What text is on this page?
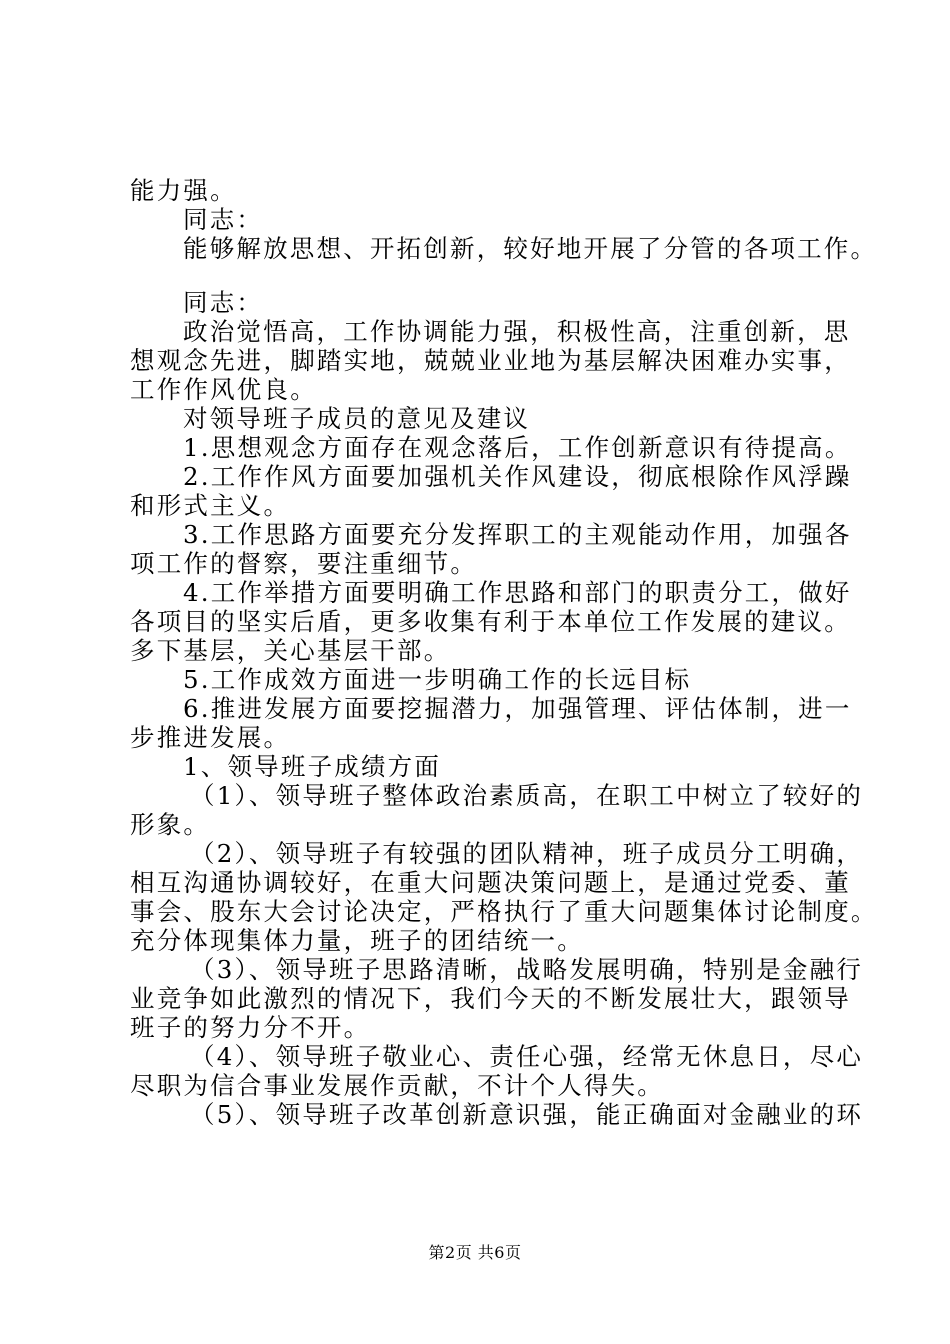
能力强。

同志：

能够解放思想、开拓创新，较好地开展了分管的各项工作。

同志：

政治觉悟高，工作协调能力强，积极性高，注重创新，思

想观念先进，脚踏实地，兢兢业业地为基层解决困难办实事，

工作作风优良。

对领导班子成员的意见及建议

1.思想观念方面存在观念落后，工作创新意识有待提高。

2.工作作风方面要加强机关作风建设，彻底根除作风浮躁

和形式主义。

3.工作思路方面要充分发挥职工的主观能动作用，加强各

项工作的督察，要注重细节。

4.工作举措方面要明确工作思路和部门的职责分工，做好

各项目的坚实后盾，更多收集有利于本单位工作发展的建议。

多下基层，关心基层干部。

5.工作成效方面进一步明确工作的长远目标

6.推进发展方面要挖掘潜力，加强管理、评估体制，进一

步推进发展。

1、领导班子成绩方面

（1）、领导班子整体政治素质高，在职工中树立了较好的

形象。

（2）、领导班子有较强的团队精神，班子成员分工明确，

相互沟通协调较好，在重大问题决策问题上，是通过党委、董

事会、股东大会讨论决定，严格执行了重大问题集体讨论制度。

充分体现集体力量，班子的团结统一。

（3）、领导班子思路清晰，战略发展明确，特别是金融行

业竞争如此激烈的情况下，我们今天的不断发展壮大，跟领导

班子的努力分不开。

（4）、领导班子敬业心、责任心强，经常无休息日，尽心

尽职为信合事业发展作贡献，不计个人得失。

（5）、领导班子改革创新意识强，能正确面对金融业的环

第2页 共6页
